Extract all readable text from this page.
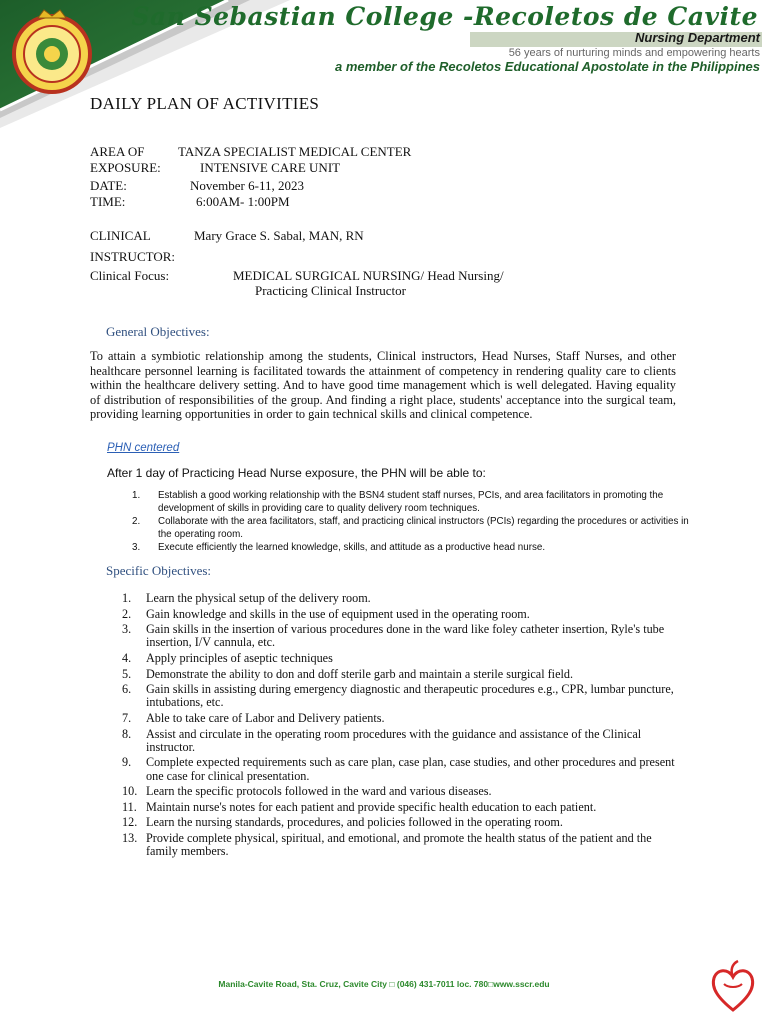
San Sebastian College -Recoletos de Cavite
Nursing Department
56 years of nurturing minds and empowering hearts
a member of the Recoletos Educational Apostolate in the Philippines
DAILY PLAN OF ACTIVITIES
AREA OF	TANZA SPECIALIST MEDICAL CENTER
EXPOSURE:	INTENSIVE CARE UNIT
DATE:	November 6-11, 2023
TIME:	6:00AM- 1:00PM
CLINICAL	Mary Grace S. Sabal, MAN, RN
INSTRUCTOR:
Clinical Focus:	MEDICAL SURGICAL NURSING/ Head Nursing/
Practicing Clinical Instructor
General Objectives:
To attain a symbiotic relationship among the students, Clinical instructors, Head Nurses, Staff Nurses, and other healthcare personnel learning is facilitated towards the attainment of competency in rendering quality care to clients within the healthcare delivery setting. And to have good time management which is well delegated. Having equality of distribution of responsibilities of the group. And finding a right place, students' acceptance into the surgical team, providing learning opportunities in order to gain technical skills and clinical competence.
PHN centered
After 1 day of Practicing Head Nurse exposure, the PHN will be able to:
1. Establish a good working relationship with the BSN4 student staff nurses, PCIs, and area facilitators in promoting the development of skills in providing care to quality delivery room techniques.
2. Collaborate with the area facilitators, staff, and practicing clinical instructors (PCIs) regarding the procedures or activities in the operating room.
3. Execute efficiently the learned knowledge, skills, and attitude as a productive head nurse.
Specific Objectives:
1. Learn the physical setup of the delivery room.
2. Gain knowledge and skills in the use of equipment used in the operating room.
3. Gain skills in the insertion of various procedures done in the ward like foley catheter insertion, Ryle's tube insertion, I/V cannula, etc.
4. Apply principles of aseptic techniques
5. Demonstrate the ability to don and doff sterile garb and maintain a sterile surgical field.
6. Gain skills in assisting during emergency diagnostic and therapeutic procedures e.g., CPR, lumbar puncture, intubations, etc.
7. Able to take care of Labor and Delivery patients.
8. Assist and circulate in the operating room procedures with the guidance and assistance of the Clinical instructor.
9. Complete expected requirements such as care plan, case plan, case studies, and other procedures and present one case for clinical presentation.
10. Learn the specific protocols followed in the ward and various diseases.
11. Maintain nurse's notes for each patient and provide specific health education to each patient.
12. Learn the nursing standards, procedures, and policies followed in the operating room.
13. Provide complete physical, spiritual, and emotional, and promote the health status of the patient and the family members.
Manila-Cavite Road, Sta. Cruz, Cavite City □ (046) 431-7011 loc. 780□www.sscr.edu
